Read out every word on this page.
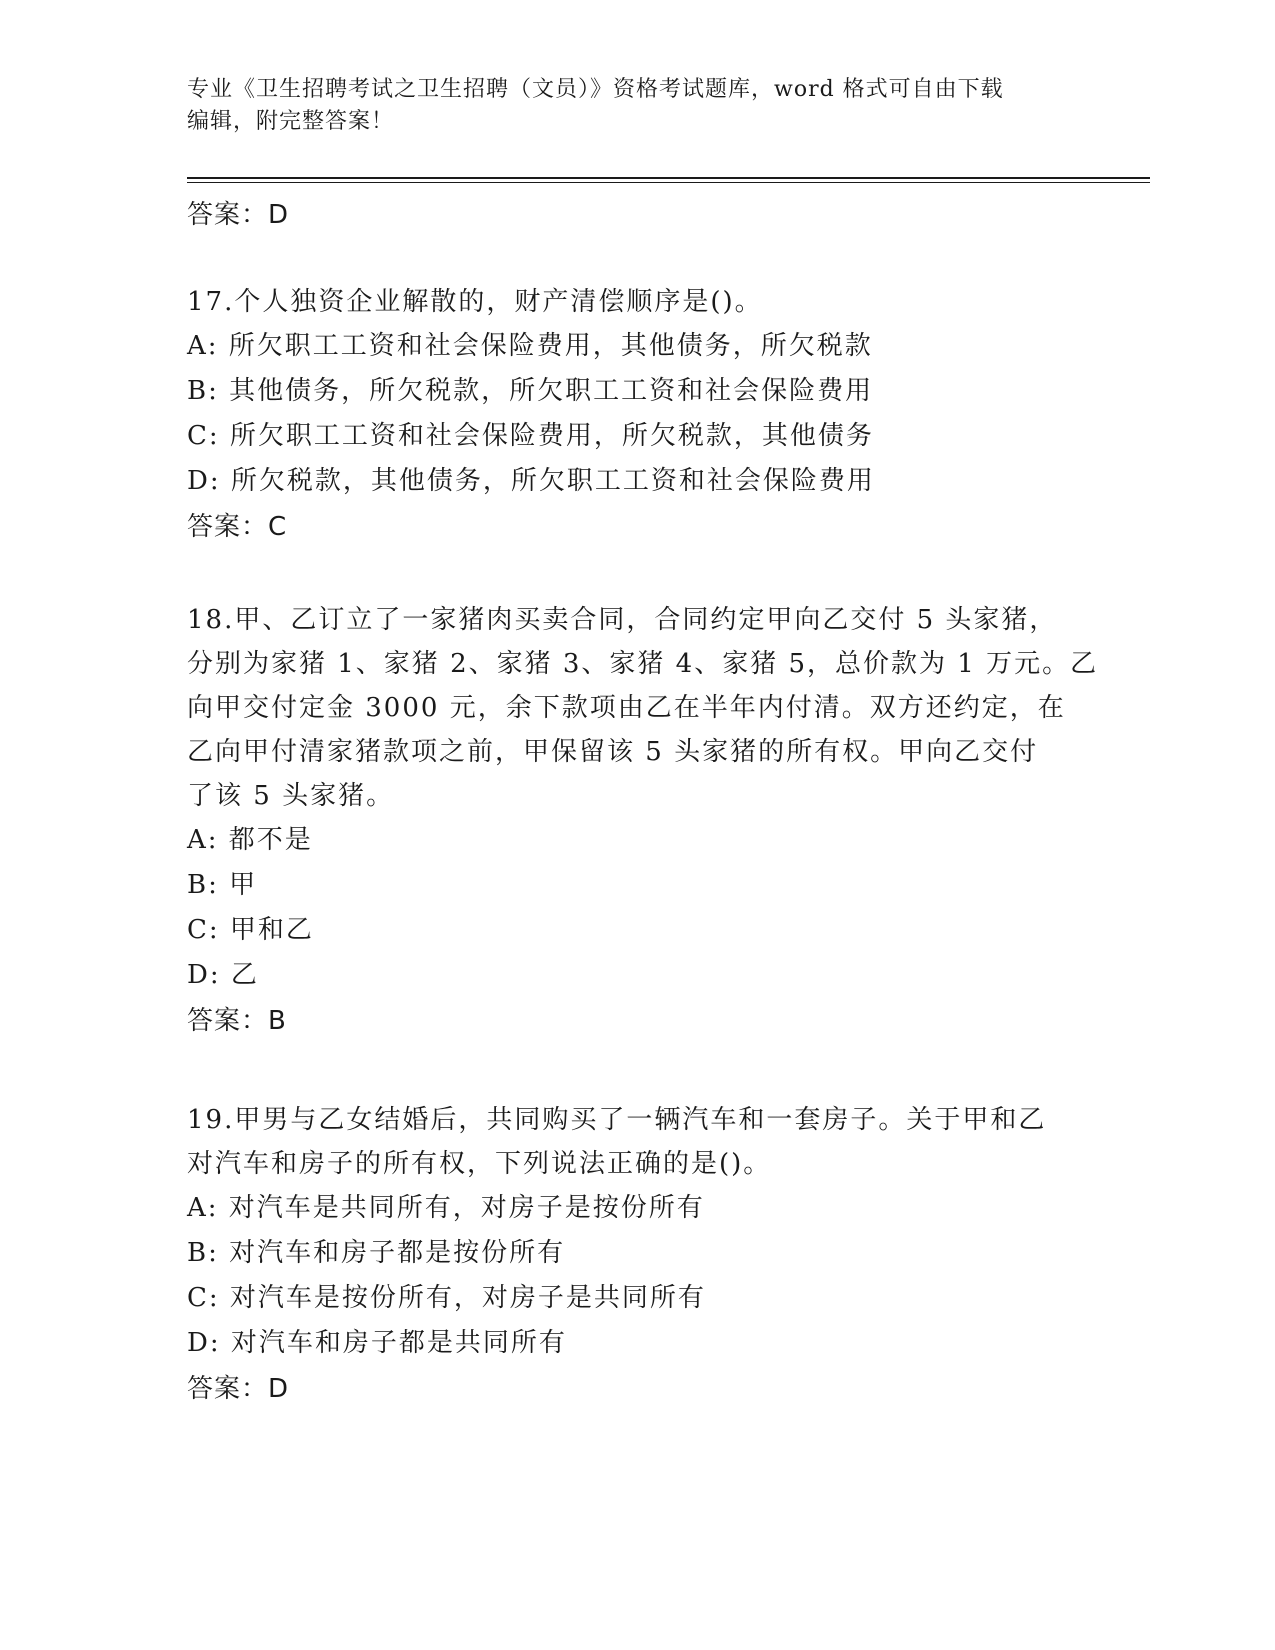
专业《卫生招聘考试之卫生招聘（文员）》资格考试题库，word 格式可自由下载
编辑，附完整答案！
答案：D
17.个人独资企业解散的，财产清偿顺序是()。
A: 所欠职工工资和社会保险费用，其他债务，所欠税款
B: 其他债务，所欠税款，所欠职工工资和社会保险费用
C: 所欠职工工资和社会保险费用，所欠税款，其他债务
D: 所欠税款，其他债务，所欠职工工资和社会保险费用
答案：C
18.甲、乙订立了一家猪肉买卖合同，合同约定甲向乙交付 5 头家猪，
分别为家猪 1、家猪 2、家猪 3、家猪 4、家猪 5，总价款为 1 万元。乙
向甲交付定金 3000 元，余下款项由乙在半年内付清。双方还约定，在
乙向甲付清家猪款项之前，甲保留该 5 头家猪的所有权。甲向乙交付
了该 5 头家猪。
A: 都不是
B: 甲
C: 甲和乙
D: 乙
答案：B
19.甲男与乙女结婚后，共同购买了一辆汽车和一套房子。关于甲和乙
对汽车和房子的所有权，下列说法正确的是()。
A: 对汽车是共同所有，对房子是按份所有
B: 对汽车和房子都是按份所有
C: 对汽车是按份所有，对房子是共同所有
D: 对汽车和房子都是共同所有
答案：D
